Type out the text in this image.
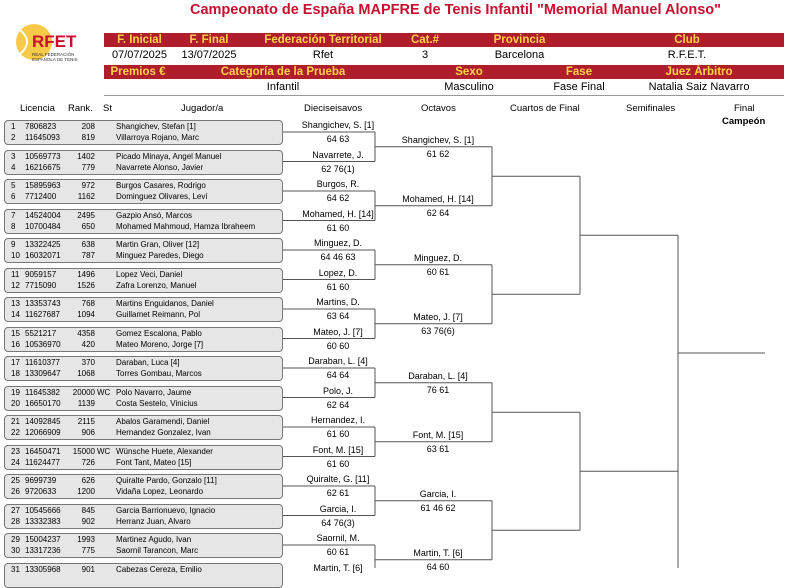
Campeonato de España MAPFRE de Tenis Infantil "Memorial Manuel Alonso"
RFET
REAL FEDERACIÓN
ESPAÑOLA DE TENIS
F. Inicial	F. Final	Federación Territorial	Cat.#	Provincia	Club
07/07/2025	13/07/2025	Rfet	3	Barcelona	R.F.E.T.
Premios €	Categoría de la Prueba	Sexo	Fase	Juez Árbitro
Infantil	Masculino	Fase Final	Natalia Saiz Navarro
Licencia Rank. St	Jugador/a	Dieciseisavos	Octavos	Cuartos de Final	Semifinales	Final
Campeón
1 7806823	208	Shangichev, Stefan [1]
2 11645093	819	Villarroya Rojano, Marc
3 10569773	1402	Picado Minaya, Angel Manuel
4 16216675	779	Navarrete Alonso, Javier
5 15895963	972	Burgos Casares, Rodrigo
6 7712400	1162	Dominguez Olivares, Leví
7 14524004	2495	Gazpio Ansó, Marcos
8 10700484	650	Mohamed Mahmoud, Hamza Ibraheem
9 13322425	638	Martin Gran, Oliver [12]
10 16032071	787	Minguez Paredes, Diego
11 9059157	1496	Lopez Veci, Daniel
12 7715090	1526	Zafra Lorenzo, Manuel
13 13353743	768	Martins Enguidanos, Daniel
14 11627687	1094	Guillamet Reimann, Pol
15 5521217	4358	Gomez Escalona, Pablo
16 10536970	420	Mateo Moreno, Jorge [7]
17 11610377	370	Daraban, Luca [4]
18 13309647	1068	Torres Gombau, Marcos
19 11645382 20000 WC Polo Navarro, Jaume
20 16650170	1139	Costa Sestelo, Vinicius
21 14092845	2115	Abalos Garamendi, Daniel
22 12066909	906	Hernandez Gonzalez, Ivan
23 16450471 15000 WC Wünsche Huete, Alexander
24 11624477	726	Font Tant, Mateo [15]
25 9699739	626	Quiralte Pardo, Gonzalo [11]
26 9720633	1200	Vidaña Lopez, Leonardo
27 10545666	845	Garcia Barrionuevo, Ignacio
28 13332383	902	Herranz Juan, Alvaro
29 15004237	1993	Martinez Agudo, Ivan
30 13317236	775	Saornil Tarancon, Marc
31 13305968	901	Cabezas Cereza, Emilio
Shangichev, S. [1]
64 63
Navarrete, J.
62 76(1)
Burgos, R.
64 62
Mohamed, H. [14]
61 60
Minguez, D.
64 46 63
Lopez, D.
61 60
Martins, D.
63 64
Mateo, J. [7]
60 60
Daraban, L. [4]
64 64
Polo, J.
62 64
Hernandez, I.
61 60
Font, M. [15]
61 60
Quiralte, G. [11]
62 61
Garcia, I.
64 76(3)
Saornil, M.
60 61
Martin, T. [6]
Shangichev, S. [1]
61 62
Mohamed, H. [14]
62 64
Minguez, D.
60 61
Mateo, J. [7]
63 76(6)
Daraban, L. [4]
76 61
Font, M. [15]
63 61
Garcia, I.
61 46 62
Martin, T. [6]
64 60
